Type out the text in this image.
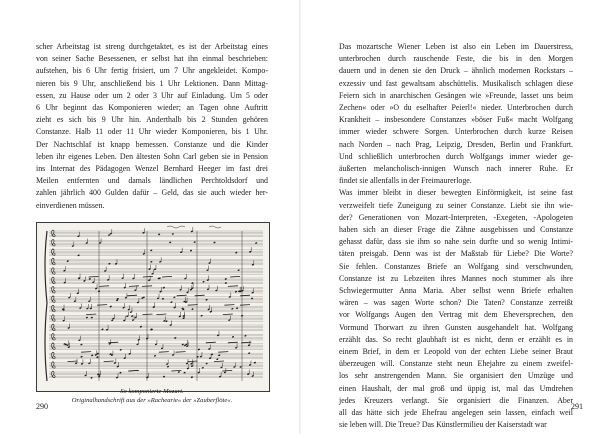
scher Arbeitstag ist streng durchgetaktet, es ist der Arbeitstag eines
von seiner Sache Besessenen, er selbst hat ihn einmal beschrieben:
aufstehen, bis 6 Uhr fertig frisiert, um 7 Uhr angekleidet. Kompo-
nieren bis 9 Uhr, anschließend bis 1 Uhr Lektionen. Dann Mittag-
essen, zu Hause oder um 2 oder 3 Uhr auf Einladung. Um 5 oder
6 Uhr beginnt das Komponieren wieder; an Tagen ohne Auftritt
zieht es sich bis 9 Uhr hin. Anderthalb bis 2 Stunden gehören
Constanze. Halb 11 oder 11 Uhr wieder Komponieren, bis 1 Uhr.
Der Nachtschlaf ist knapp bemessen. Constanze und die Kinder
leben ihr eigenes Leben. Den ältesten Sohn Carl geben sie in Pension
ins Internat des Pädagogen Wenzel Bernhard Heeger im fast drei
Meilen entfernten und damals ländlichen Perchtoldsdorf und
zahlen jährlich 400 Gulden dafür – Geld, das sie auch wieder her-
einverdienen müssen.
So komponierte Mozart.
Originalhandschrift aus der »Rachearie« der »Zauberflöte«.
290
Das mozartsche Wiener Leben ist also ein Leben im Dauerstress,
unterbrochen durch rauschende Feste, die bis in den Morgen
dauern und in denen sie den Druck – ähnlich modernen Rockstars –
exzessiv und fast gewaltsam abschüttelis. Musikalisch schlagen diese
Feiern sich in anarchischen Gesängen wie »Freunde, lasset uns beim
Zechen« oder »O du eselhafter Peierl!« nieder. Unterbrochen durch
Krankheit – insbesondere Constanzes »böser Fuß« macht Wolfgang
immer wieder schwere Sorgen. Unterbrochen durch kurze Reisen
nach Norden – nach Prag, Leipzig, Dresden, Berlin und Frankfurt.
Und schließlich unterbrochen durch Wolfgangs immer wieder ge-
äußerten melancholisch-innigen Wunsch nach innerer Ruhe. Er
findet sie allenfalls in der Freimaurerloge.
Was immer bleibt in dieser bewegten Einförmigkeit, ist seine fast
verzweifelt tiefe Zuneigung zu seiner Constanze. Liebt sie ihn wie-
der? Generationen von Mozart-Interpreten, -Exegeten, -Apologeten
haben sich an dieser Frage die Zähne ausgebissen und Constanze
gehasst dafür, dass sie ihm so nahe sein durfte und so wenig Intimi-
täten preisgab. Denn was ist der Maßstab für Liebe? Die Worte?
Sie fehlen. Constanzes Briefe an Wolfgang sind verschwunden,
Constanze ist zu Lebzeiten ihres Mannes noch stummer als ihre
Schwiegermutter Anna Maria. Aber selbst wenn Briefe erhalten
wären – was sagen Worte schon? Die Taten? Constanze zerreißt
vor Wolfgangs Augen den Vertrag mit dem Eheversprechen, den
Vormund Thorwart zu ihren Gunsten ausgehandelt hat. Wolfgang
erzählt das. So recht glaubhaft ist es nicht, denn er erzählt es in
einem Brief, in dem er Leopold von der echten Liebe seiner Braut
überzeugen will. Constanze steht neun Ehejahre zu einem zweifel-
los sehr anstrengenden Mann. Sie organisiert den Umzüge und
einen Haushalt, der mal groß und üppig ist, mal das Umdrehen
jedes Kreuzers verlangt. Sie organisiert die Finanzen. Aber
all das hätte sich jede Ehefrau angelegen sein lassen, einfach weil
sie leben will. Die Treue? Das Künstlermilieu der Kaiserstadt war
291
